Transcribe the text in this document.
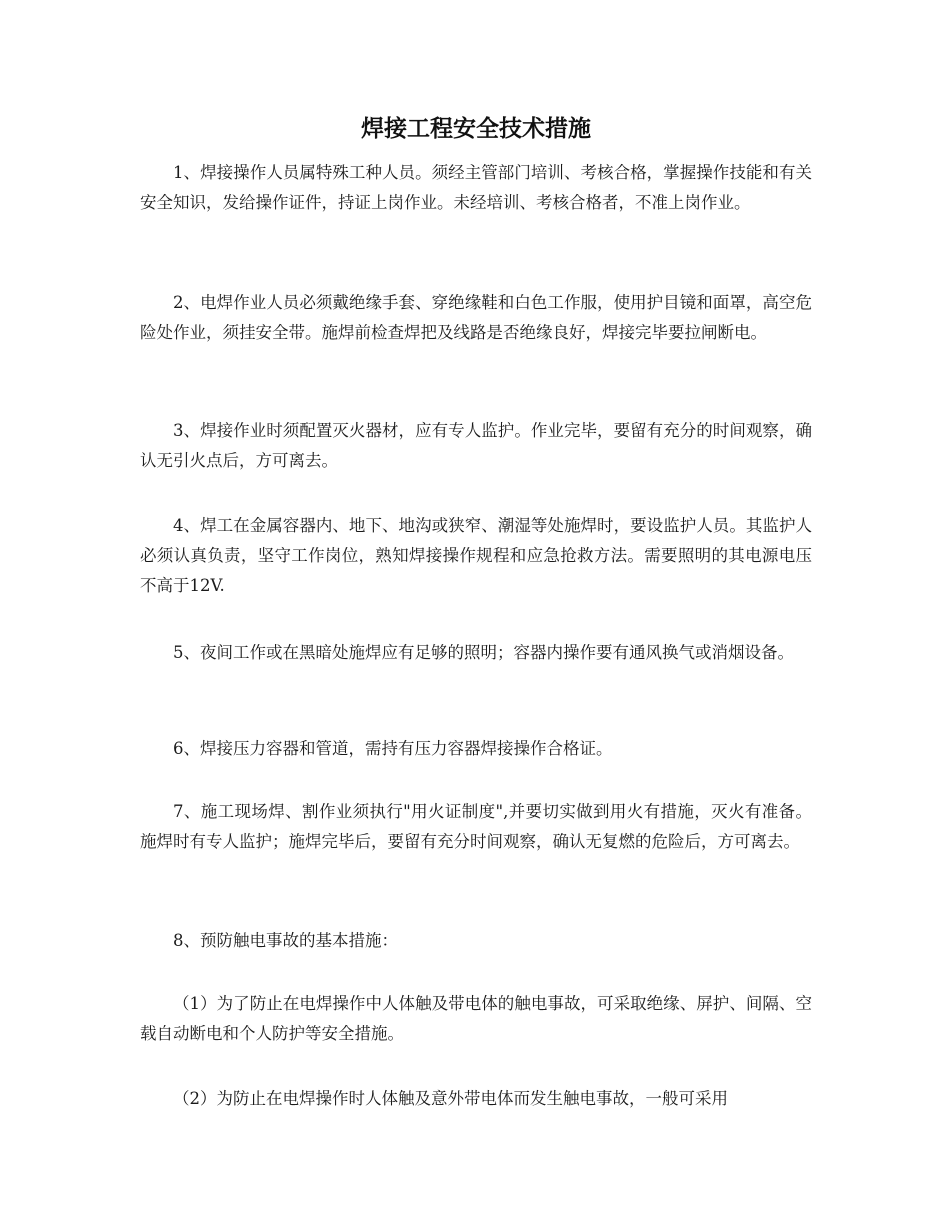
焊接工程安全技术措施

1、焊接操作人员属特殊工种人员。须经主管部门培训、考核合格，掌握操作技能和有关安全知识，发给操作证件，持证上岗作业。未经培训、考核合格者，不准上岗作业。

2、电焊作业人员必须戴绝缘手套、穿绝缘鞋和白色工作服，使用护目镜和面罩，高空危险处作业，须挂安全带。施焊前检查焊把及线路是否绝缘良好，焊接完毕要拉闸断电。

3、焊接作业时须配置灭火器材，应有专人监护。作业完毕，要留有充分的时间观察，确认无引火点后，方可离去。

4、焊工在金属容器内、地下、地沟或狭窄、潮湿等处施焊时，要设监护人员。其监护人必须认真负责，坚守工作岗位，熟知焊接操作规程和应急抢救方法。需要照明的其电源电压不高于12V.

5、夜间工作或在黑暗处施焊应有足够的照明；容器内操作要有通风换气或消烟设备。

6、焊接压力容器和管道，需持有压力容器焊接操作合格证。

7、施工现场焊、割作业须执行"用火证制度",并要切实做到用火有措施，灭火有准备。施焊时有专人监护；施焊完毕后，要留有充分时间观察，确认无复燃的危险后，方可离去。

8、预防触电事故的基本措施：

（1）为了防止在电焊操作中人体触及带电体的触电事故，可采取绝缘、屏护、间隔、空载自动断电和个人防护等安全措施。

（2）为防止在电焊操作时人体触及意外带电体而发生触电事故，一般可采用
